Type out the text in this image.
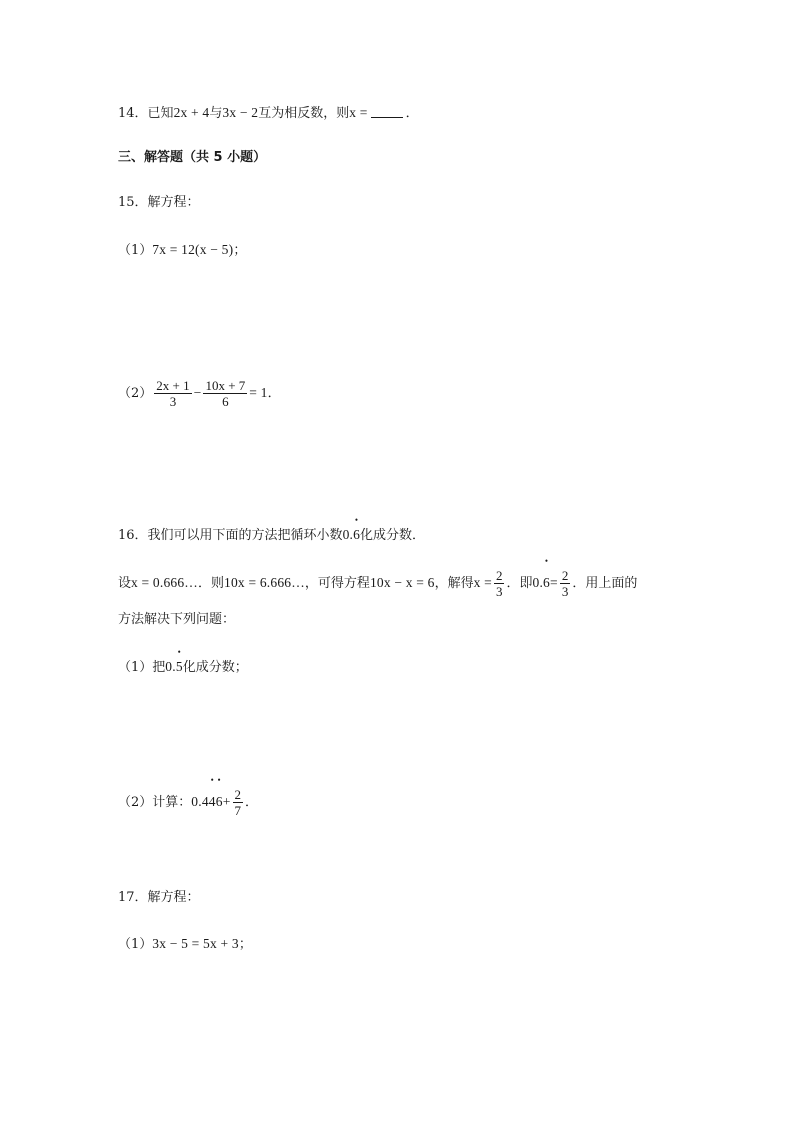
14．已知2x + 4与3x − 2互为相反数，则x =	．
三、解答题（共 5 小题）
15．解方程：
（1）7x = 12(x − 5)；
$(2) \frac{2x + 1}{3} - \frac{10x + 7}{6} = 1$．
16．我们可以用下面的方法把循环小数0.
•
6化成分数．
设x = 0.666…．则10x = 6.666…，可得方程10x − x = 6，解得$x = \frac{2}{3}$ ．即0.
•
$6= \frac{2}{3}$ ．用上面的
方法解决下列问题：
（1）把0.
•
5化成分数；
（2）计算：0.4
•
4
•
$6+ \frac{2}{7}$ ．
17．解方程：
（1）3x − 5 = 5x + 3；
